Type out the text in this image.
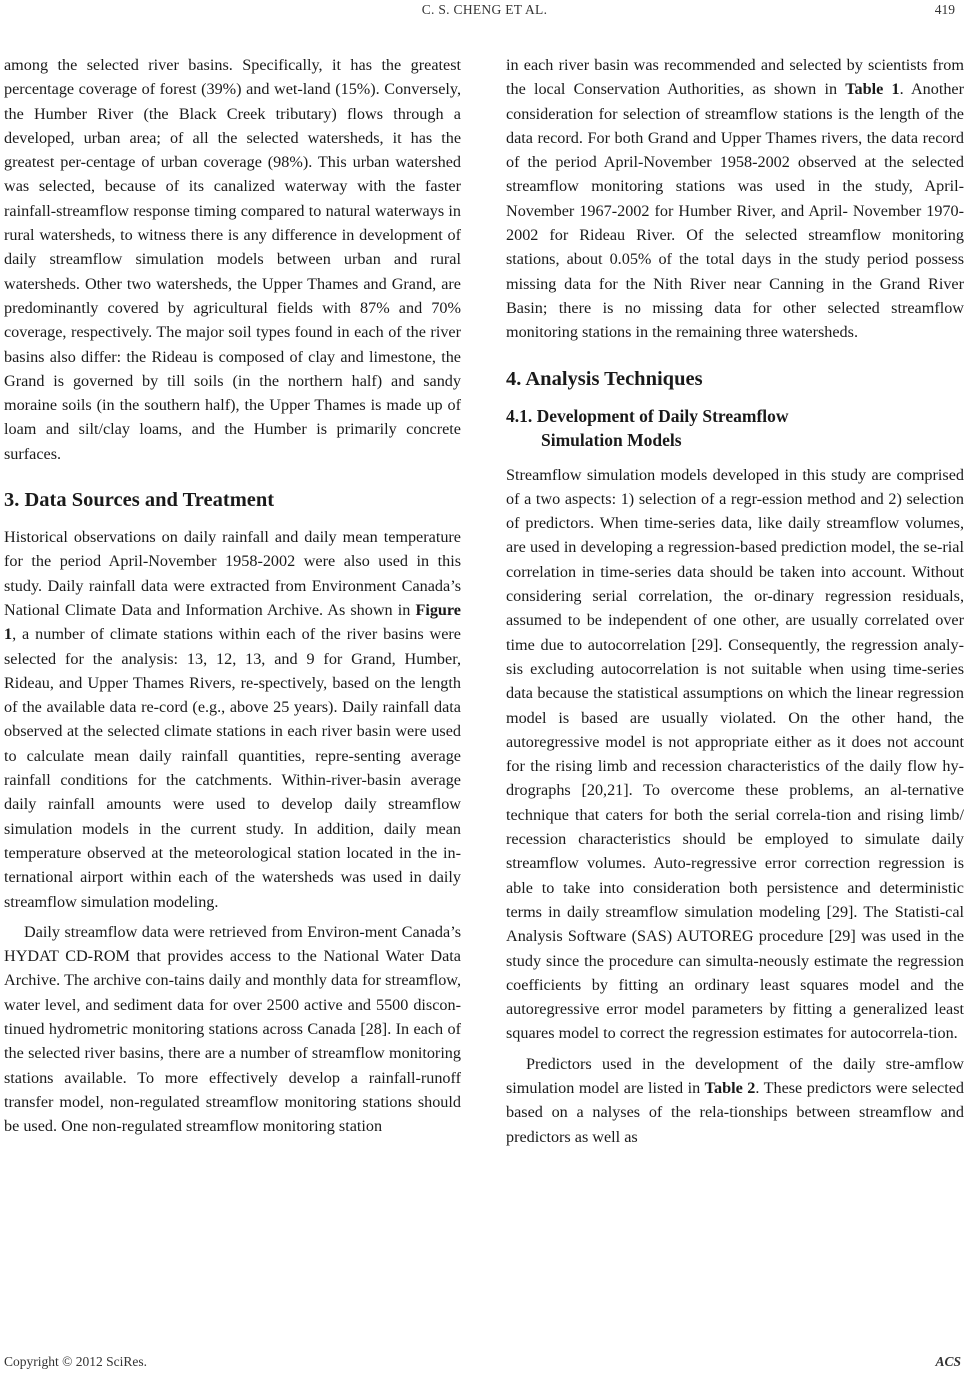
C. S. CHENG ET AL.	419

among the selected river basins. Specifically, it has the greatest percentage coverage of forest (39%) and wet-land (15%). Conversely, the Humber River (the Black Creek tributary) flows through a developed, urban area; of all the selected watersheds, it has the greatest per-centage of urban coverage (98%). This urban watershed was selected, because of its canalized waterway with the faster rainfall-streamflow response timing compared to natural waterways in rural watersheds, to witness there is any difference in development of daily streamflow simulation models between urban and rural watersheds. Other two watersheds, the Upper Thames and Grand, are predominantly covered by agricultural fields with 87% and 70% coverage, respectively. The major soil types found in each of the river basins also differ: the Rideau is composed of clay and limestone, the Grand is governed by till soils (in the northern half) and sandy moraine soils (in the southern half), the Upper Thames is made up of loam and silt/clay loams, and the Humber is primarily concrete surfaces.

3. Data Sources and Treatment

Historical observations on daily rainfall and daily mean temperature for the period April-November 1958-2002 were also used in this study. Daily rainfall data were extracted from Environment Canada’s National Climate Data and Information Archive. As shown in Figure 1, a number of climate stations within each of the river basins were selected for the analysis: 13, 12, 13, and 9 for Grand, Humber, Rideau, and Upper Thames Rivers, re-spectively, based on the length of the available data re-cord (e.g., above 25 years). Daily rainfall data observed at the selected climate stations in each river basin were used to calculate mean daily rainfall quantities, repre-senting average rainfall conditions for the catchments. Within-river-basin average daily rainfall amounts were used to develop daily streamflow simulation models in the current study. In addition, daily mean temperature observed at the meteorological station located in the in-ternational airport within each of the watersheds was used in daily streamflow simulation modeling.

Daily streamflow data were retrieved from Environ-ment Canada’s HYDAT CD-ROM that provides access to the National Water Data Archive. The archive con-tains daily and monthly data for streamflow, water level, and sediment data for over 2500 active and 5500 discon-tinued hydrometric monitoring stations across Canada [28]. In each of the selected river basins, there are a number of streamflow monitoring stations available. To more effectively develop a rainfall-runoff transfer model, non-regulated streamflow monitoring stations should be used. One non-regulated streamflow monitoring station

in each river basin was recommended and selected by scientists from the local Conservation Authorities, as shown in Table 1. Another consideration for selection of streamflow stations is the length of the data record. For both Grand and Upper Thames rivers, the data record of the period April-November 1958-2002 observed at the selected streamflow monitoring stations was used in the study, April-November 1967-2002 for Humber River, and April- November 1970-2002 for Rideau River. Of the selected streamflow monitoring stations, about 0.05% of the total days in the study period possess missing data for the Nith River near Canning in the Grand River Basin; there is no missing data for other selected streamflow monitoring stations in the remaining three watersheds.

4. Analysis Techniques
4.1. Development of Daily Streamflow
Simulation Models

Streamflow simulation models developed in this study are comprised of a two aspects: 1) selection of a regr-ession method and 2) selection of predictors. When time-series data, like daily streamflow volumes, are used in developing a regression-based prediction model, the se-rial correlation in time-series data should be taken into account. Without considering serial correlation, the or-dinary regression residuals, assumed to be independent of one other, are usually correlated over time due to autocorrelation [29]. Consequently, the regression analy-sis excluding autocorrelation is not suitable when using time-series data because the statistical assumptions on which the linear regression model is based are usually violated. On the other hand, the autoregressive model is not appropriate either as it does not account for the rising limb and recession characteristics of the daily flow hy-drographs [20,21]. To overcome these problems, an al-ternative technique that caters for both the serial correla-tion and rising limb/ recession characteristics should be employed to simulate daily streamflow volumes. Auto-regressive error correction regression is able to take into consideration both persistence and deterministic terms in daily streamflow simulation modeling [29]. The Statisti-cal Analysis Software (SAS) AUTOREG procedure [29] was used in the study since the procedure can simulta-neously estimate the regression coefficients by fitting an ordinary least squares model and the autoregressive error model parameters by fitting a generalized least squares model to correct the regression estimates for autocorrela-tion.

Predictors used in the development of the daily stre-amflow simulation model are listed in Table 2. These predictors were selected based on a nalyses of the rela-tionships between streamflow and predictors as well as

Copyright © 2012 SciRes.	ACS
